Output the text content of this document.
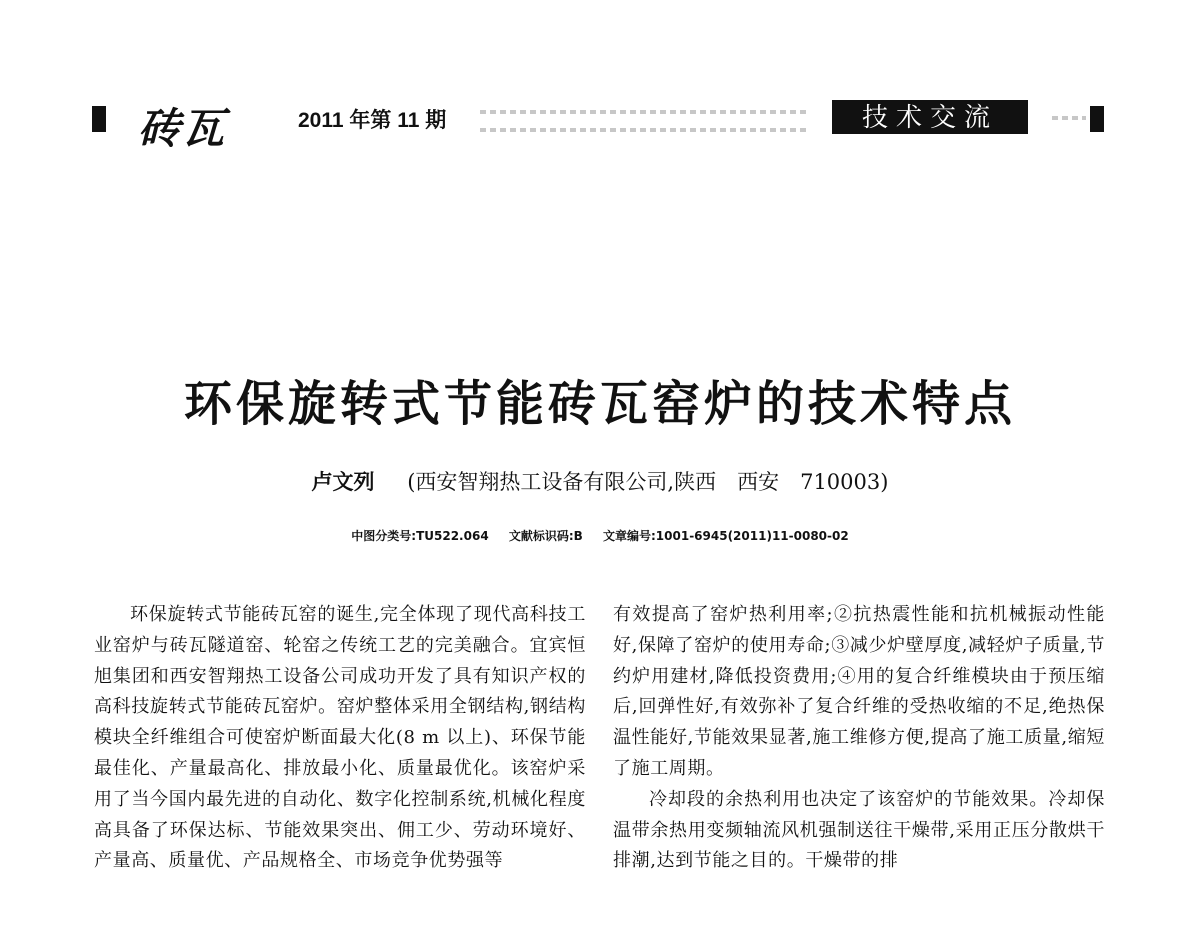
砖瓦	2011 年第 11 期	技术交流
环保旋转式节能砖瓦窑炉的技术特点
卢文列 (西安智翔热工设备有限公司,陕西　西安　710003)
中图分类号:TU522.064 文献标识码:B 文章编号:1001-6945(2011)11-0080-02

环保旋转式节能砖瓦窑的诞生,完全体现了现代高科技工业窑炉与砖瓦隧道窑、轮窑之传统工艺的完美融合。宜宾恒旭集团和西安智翔热工设备公司成功开发了具有知识产权的高科技旋转式节能砖瓦窑炉。窑炉整体采用全钢结构,钢结构模块全纤维组合可使窑炉断面最大化(8 m 以上)、环保节能最佳化、产量最高化、排放最小化、质量最优化。该窑炉采用了当今国内最先进的自动化、数字化控制系统,机械化程度高具备了环保达标、节能效果突出、佣工少、劳动环境好、产量高、质量优、产品规格全、市场竞争优势强等

有效提高了窑炉热利用率;②抗热震性能和抗机械振动性能好,保障了窑炉的使用寿命;③减少炉壁厚度,减轻炉子质量,节约炉用建材,降低投资费用;④用的复合纤维模块由于预压缩后,回弹性好,有效弥补了复合纤维的受热收缩的不足,绝热保温性能好,节能效果显著,施工维修方便,提高了施工质量,缩短了施工周期。

冷却段的余热利用也决定了该窑炉的节能效果。冷却保温带余热用变频轴流风机强制送往干燥带,采用正压分散烘干排潮,达到节能之目的。干燥带的排
